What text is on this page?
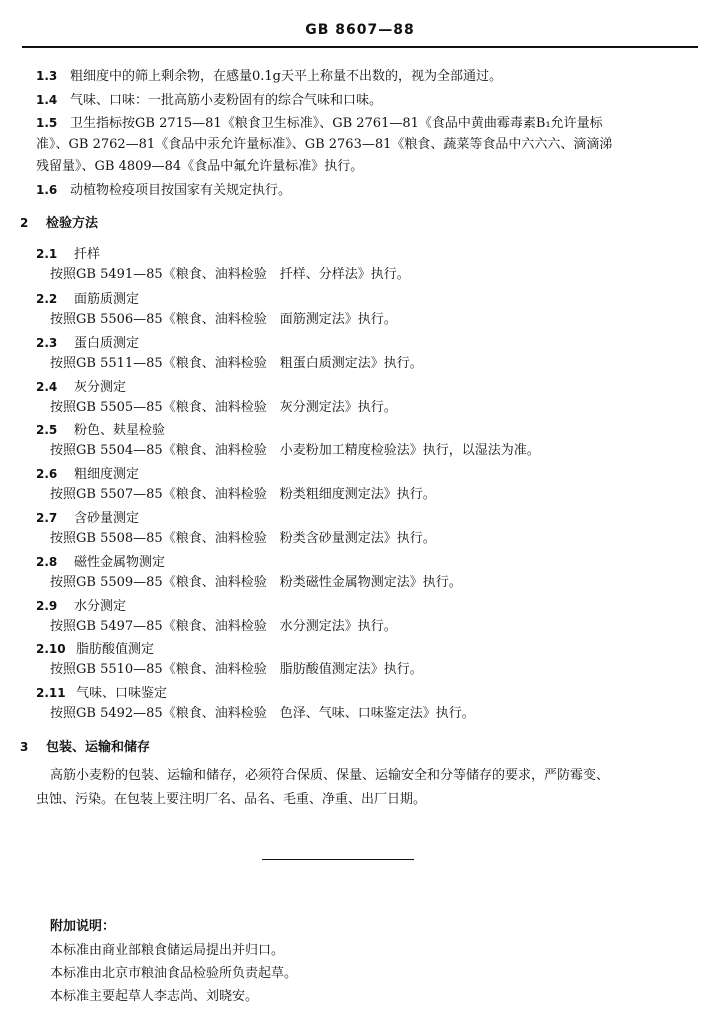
GB 8607—88
1.3 粗细度中的筛上剩余物，在感量0.1g天平上称量不出数的，视为全部通过。
1.4 气味、口味：一批高筋小麦粉固有的综合气味和口味。
1.5 卫生指标按GB 2715—81《粮食卫生标准》、GB 2761—81《食品中黄曲霉毒素B₁允许量标
准》、GB 2762—81《食品中汞允许量标准》、GB 2763—81《粮食、蔬菜等食品中六六六、滴滴涕
残留量》、GB 4809—84《食品中氟允许量标准》执行。
1.6 动植物检疫项目按国家有关规定执行。
2 检验方法
2.1 扦样
按照GB 5491—85《粮食、油料检验　扦样、分样法》执行。
2.2 面筋质测定
按照GB 5506—85《粮食、油料检验　面筋测定法》执行。
2.3 蛋白质测定
按照GB 5511—85《粮食、油料检验　粗蛋白质测定法》执行。
2.4 灰分测定
按照GB 5505—85《粮食、油料检验　灰分测定法》执行。
2.5 粉色、麸星检验
按照GB 5504—85《粮食、油料检验　小麦粉加工精度检验法》执行，以湿法为准。
2.6 粗细度测定
按照GB 5507—85《粮食、油料检验　粉类粗细度测定法》执行。
2.7 含砂量测定
按照GB 5508—85《粮食、油料检验　粉类含砂量测定法》执行。
2.8 磁性金属物测定
按照GB 5509—85《粮食、油料检验　粉类磁性金属物测定法》执行。
2.9 水分测定
按照GB 5497—85《粮食、油料检验　水分测定法》执行。
2.10 脂肪酸值测定
按照GB 5510—85《粮食、油料检验　脂肪酸值测定法》执行。
2.11 气味、口味鉴定
按照GB 5492—85《粮食、油料检验　色泽、气味、口味鉴定法》执行。
3 包装、运输和储存
高筋小麦粉的包装、运输和储存，必须符合保质、保量、运输安全和分等储存的要求，严防霉变、
虫蚀、污染。在包装上要注明厂名、品名、毛重、净重、出厂日期。
附加说明：
本标准由商业部粮食储运局提出并归口。
本标准由北京市粮油食品检验所负责起草。
本标准主要起草人李志尚、刘晓安。
